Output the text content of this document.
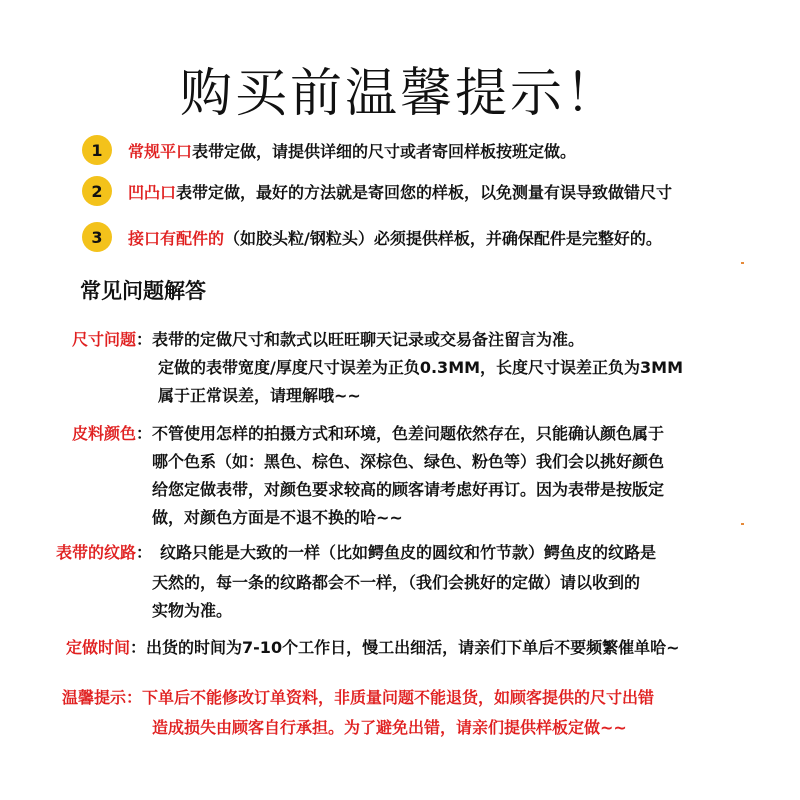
购买前温馨提示！
1	常规平口 表带定做，请提供详细的尺寸或者寄回样板按班定做。
2	凹凸口 表带定做，最好的方法就是寄回您的样板，以免测量有误导致做错尺寸
3	接口有配件的 （如胶头粒/钢粒头）必须提供样板，并确保配件是完整好的。
常见问题解答
尺寸问题： 表带的定做尺寸和款式以旺旺聊天记录或交易备注留言为准。
定做的表带宽度/厚度尺寸误差为正负0.3MM，长度尺寸误差正负为3MM
属于正常误差，请理解哦~~
皮料颜色： 不管使用怎样的拍摄方式和环境，色差问题依然存在，只能确认颜色属于
哪个色系（如：黑色、棕色、深棕色、绿色、粉色等）我们会以挑好颜色
给您定做表带，对颜色要求较高的顾客请考虑好再订。因为表带是按版定
做，对颜色方面是不退不换的哈~~
表带的纹路： 纹路只能是大致的一样（比如鳄鱼皮的圆纹和竹节款）鳄鱼皮的纹路是
天然的，每一条的纹路都会不一样，（我们会挑好的定做）请以收到的
实物为准。
定做时间：出货的时间为7-10个工作日，慢工出细活，请亲们下单后不要频繁催单哈~
温馨提示：下单后不能修改订单资料，非质量问题不能退货，如顾客提供的尺寸出错
造成损失由顾客自行承担。为了避免出错，请亲们提供样板定做~~
